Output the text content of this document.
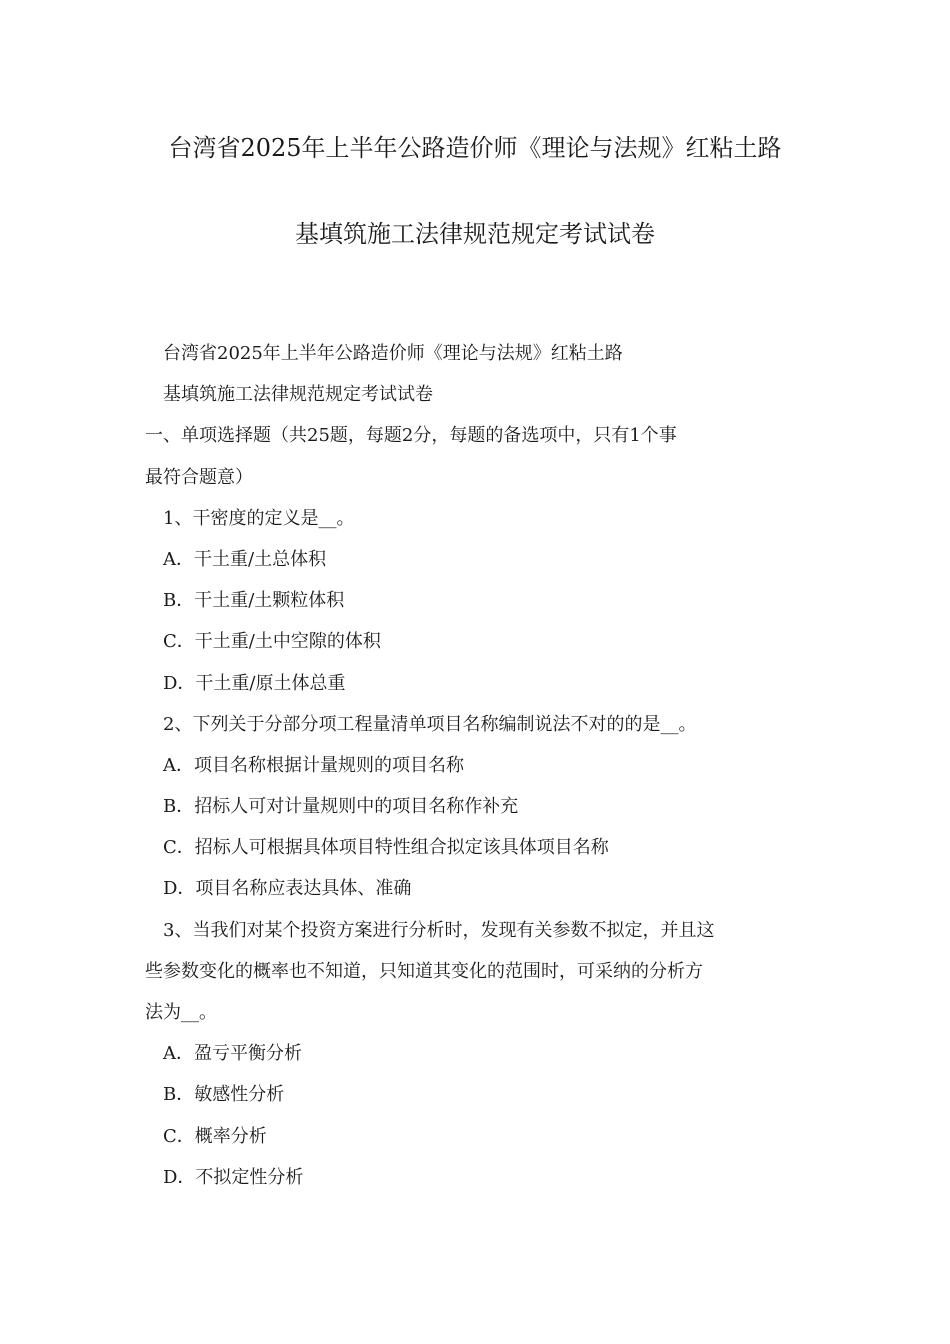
台湾省2025年上半年公路造价师《理论与法规》红粘土路
基填筑施工法律规范规定考试试卷
台湾省2025年上半年公路造价师《理论与法规》红粘土路
基填筑施工法律规范规定考试试卷
一、单项选择题（共25题，每题2分，每题的备选项中，只有1个事
最符合题意）
1、干密度的定义是__。
A．干土重/土总体积
B．干土重/土颗粒体积
C．干土重/土中空隙的体积
D．干土重/原土体总重
2、下列关于分部分项工程量清单项目名称编制说法不对的的是__。
A．项目名称根据计量规则的项目名称
B．招标人可对计量规则中的项目名称作补充
C．招标人可根据具体项目特性组合拟定该具体项目名称
D．项目名称应表达具体、准确
3、当我们对某个投资方案进行分析时，发现有关参数不拟定，并且这
些参数变化的概率也不知道，只知道其变化的范围时，可采纳的分析方
法为__。
A．盈亏平衡分析
B．敏感性分析
C．概率分析
D．不拟定性分析
